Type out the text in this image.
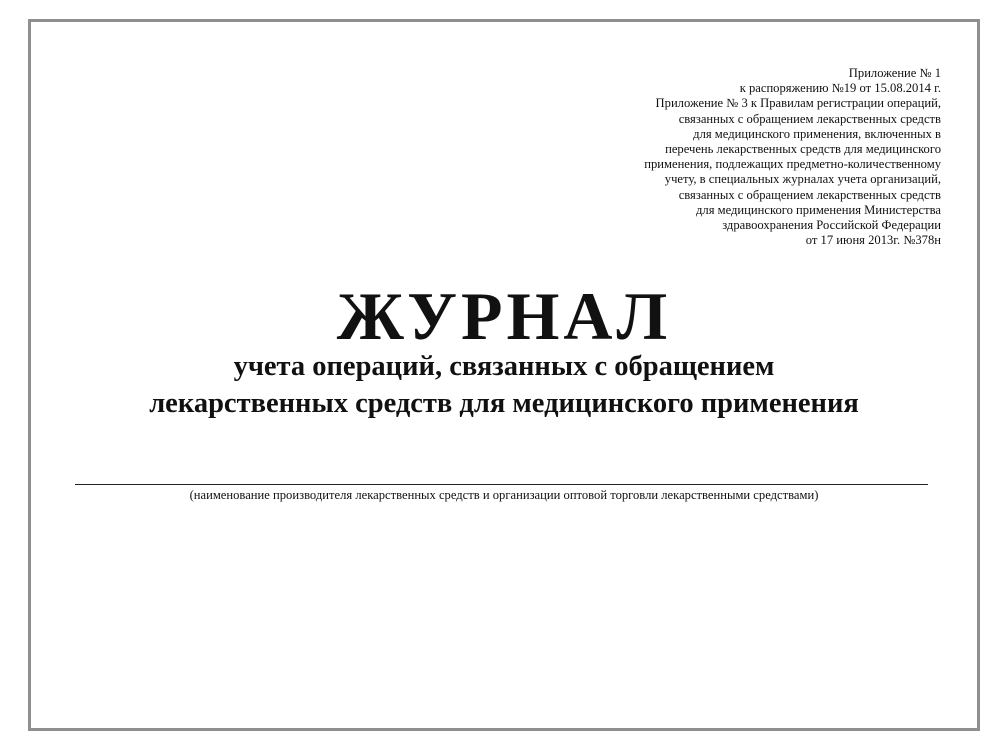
Приложение № 1
к распоряжению №19 от 15.08.2014 г.
Приложение № 3 к Правилам регистрации операций,
связанных с обращением лекарственных средств
для медицинского применения, включенных в
перечень лекарственных средств для медицинского
применения, подлежащих предметно-количественному
учету, в специальных журналах учета организаций,
связанных с обращением лекарственных средств
для медицинского применения Министерства
здравоохранения Российской Федерации
от 17 июня 2013г. №378н
ЖУРНАЛ
учета операций, связанных с обращением
лекарственных средств для медицинского применения
(наименование производителя лекарственных средств и организации оптовой торговли лекарственными средствами)
